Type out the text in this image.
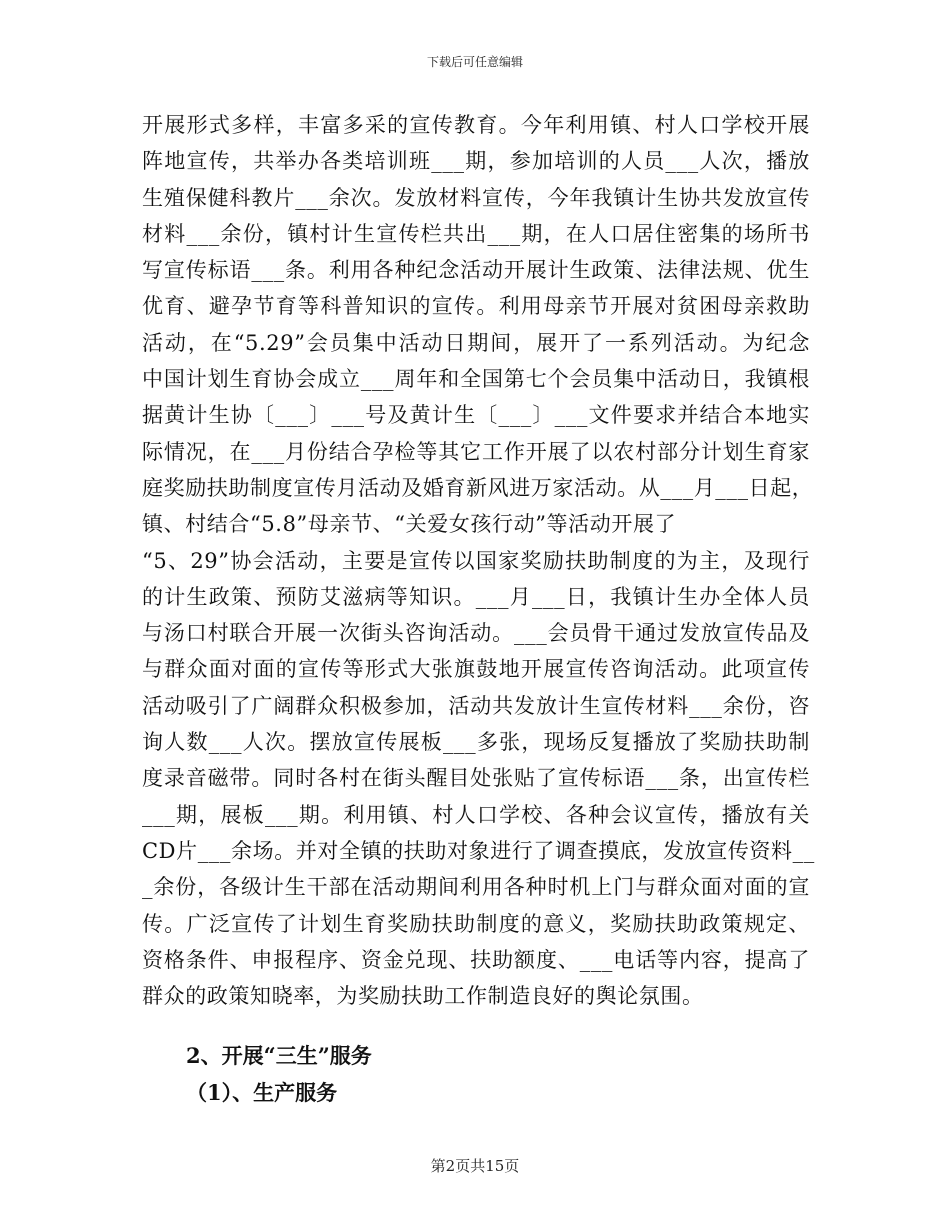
下载后可任意编辑
开展形式多样，丰富多采的宣传教育。今年利用镇、村人口学校开展
阵地宣传，共举办各类培训班___期，参加培训的人员___人次，播放
生殖保健科教片___余次。发放材料宣传，今年我镇计生协共发放宣传
材料___余份，镇村计生宣传栏共出___期，在人口居住密集的场所书
写宣传标语___条。利用各种纪念活动开展计生政策、法律法规、优生
优育、避孕节育等科普知识的宣传。利用母亲节开展对贫困母亲救助
活动，在“5.29”会员集中活动日期间，展开了一系列活动。为纪念
中国计划生育协会成立___周年和全国第七个会员集中活动日，我镇根
据黄计生协〔___〕___号及黄计生〔___〕___文件要求并结合本地实
际情况，在___月份结合孕检等其它工作开展了以农村部分计划生育家
庭奖励扶助制度宣传月活动及婚育新风进万家活动。从___月___日起，
镇、村结合“5.8”母亲节、“关爱女孩行动”等活动开展了
“5、29”协会活动，主要是宣传以国家奖励扶助制度的为主，及现行
的计生政策、预防艾滋病等知识。___月___日，我镇计生办全体人员
与汤口村联合开展一次街头咨询活动。___会员骨干通过发放宣传品及
与群众面对面的宣传等形式大张旗鼓地开展宣传咨询活动。此项宣传
活动吸引了广阔群众积极参加，活动共发放计生宣传材料___余份，咨
询人数___人次。摆放宣传展板___多张，现场反复播放了奖励扶助制
度录音磁带。同时各村在街头醒目处张贴了宣传标语___条，出宣传栏
___期，展板___期。利用镇、村人口学校、各种会议宣传，播放有关
CD片___余场。并对全镇的扶助对象进行了调查摸底，发放宣传资料__
_余份，各级计生干部在活动期间利用各种时机上门与群众面对面的宣
传。广泛宣传了计划生育奖励扶助制度的意义，奖励扶助政策规定、
资格条件、申报程序、资金兑现、扶助额度、___电话等内容，提高了
群众的政策知晓率，为奖励扶助工作制造良好的舆论氛围。
2、开展“三生”服务
（1）、生产服务
第2页共15页
